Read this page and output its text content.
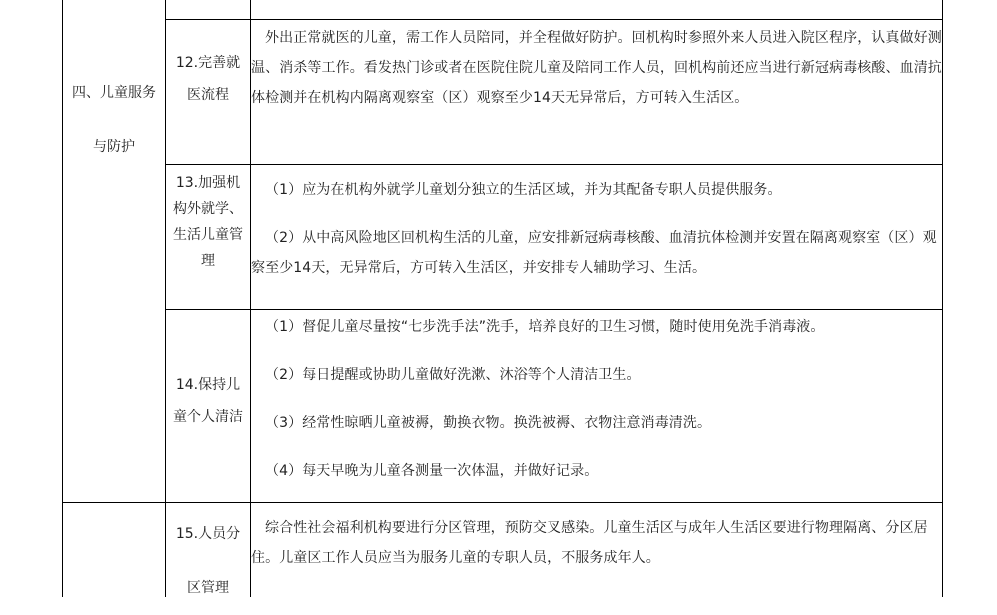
四、儿童服务
与防护
12.完善就
医流程

外出正常就医的儿童，需工作人员陪同，并全程做好防护。回机构时参照外来人员进入院区程序，认真做好测温、消杀等工作。看发热门诊或者在医院住院儿童及陪同工作人员，回机构前还应当进行新冠病毒核酸、血清抗体检测并在机构内隔离观察室（区）观察至少14天无异常后，方可转入生活区。

13.加强机
构外就学、
生活儿童管
理

（1）应为在机构外就学儿童划分独立的生活区域，并为其配备专职人员提供服务。

（2）从中高风险地区回机构生活的儿童，应安排新冠病毒核酸、血清抗体检测并安置在隔离观察室（区）观察至少14天，无异常后，方可转入生活区，并安排专人辅助学习、生活。

14.保持儿
童个人清洁

（1）督促儿童尽量按“七步洗手法”洗手，培养良好的卫生习惯，随时使用免洗手消毒液。

（2）每日提醒或协助儿童做好洗漱、沐浴等个人清洁卫生。

（3）经常性晾晒儿童被褥，勤换衣物。换洗被褥、衣物注意消毒清洗。

（4）每天早晚为儿童各测量一次体温，并做好记录。

15.人员分
区管理

综合性社会福利机构要进行分区管理，预防交叉感染。儿童生活区与成年人生活区要进行物理隔离、分区居住。儿童区工作人员应当为服务儿童的专职人员，不服务成年人。
